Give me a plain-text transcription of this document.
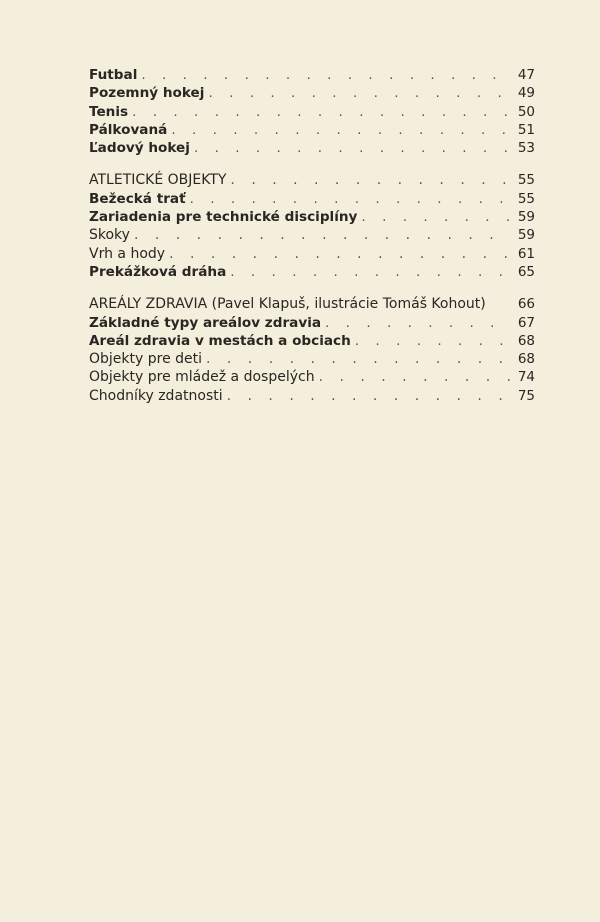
Futbal . . .	47
Pozemný hokej . . .	49
Tenis . . .	50
Pálkovaná . . .	51
Ľadový hokej . . .	53
ATLETICKÉ OBJEKTY . . .	55
Bežecká trať . . .	55
Zariadenia pre technické disciplíny . . .	59
Skoky . . .	59
Vrh a hody . . .	61
Prekážková dráha . . .	65
AREÁLY ZDRAVIA (Pavel Klapuš, ilustrácie Tomáš Kohout) 66
Základné typy areálov zdravia . . .	67
Areál zdravia v mestách a obciach . . .	68
Objekty pre deti . . .	68
Objekty pre mládež a dospelých . . .	74
Chodníky zdatnosti . . .	75
